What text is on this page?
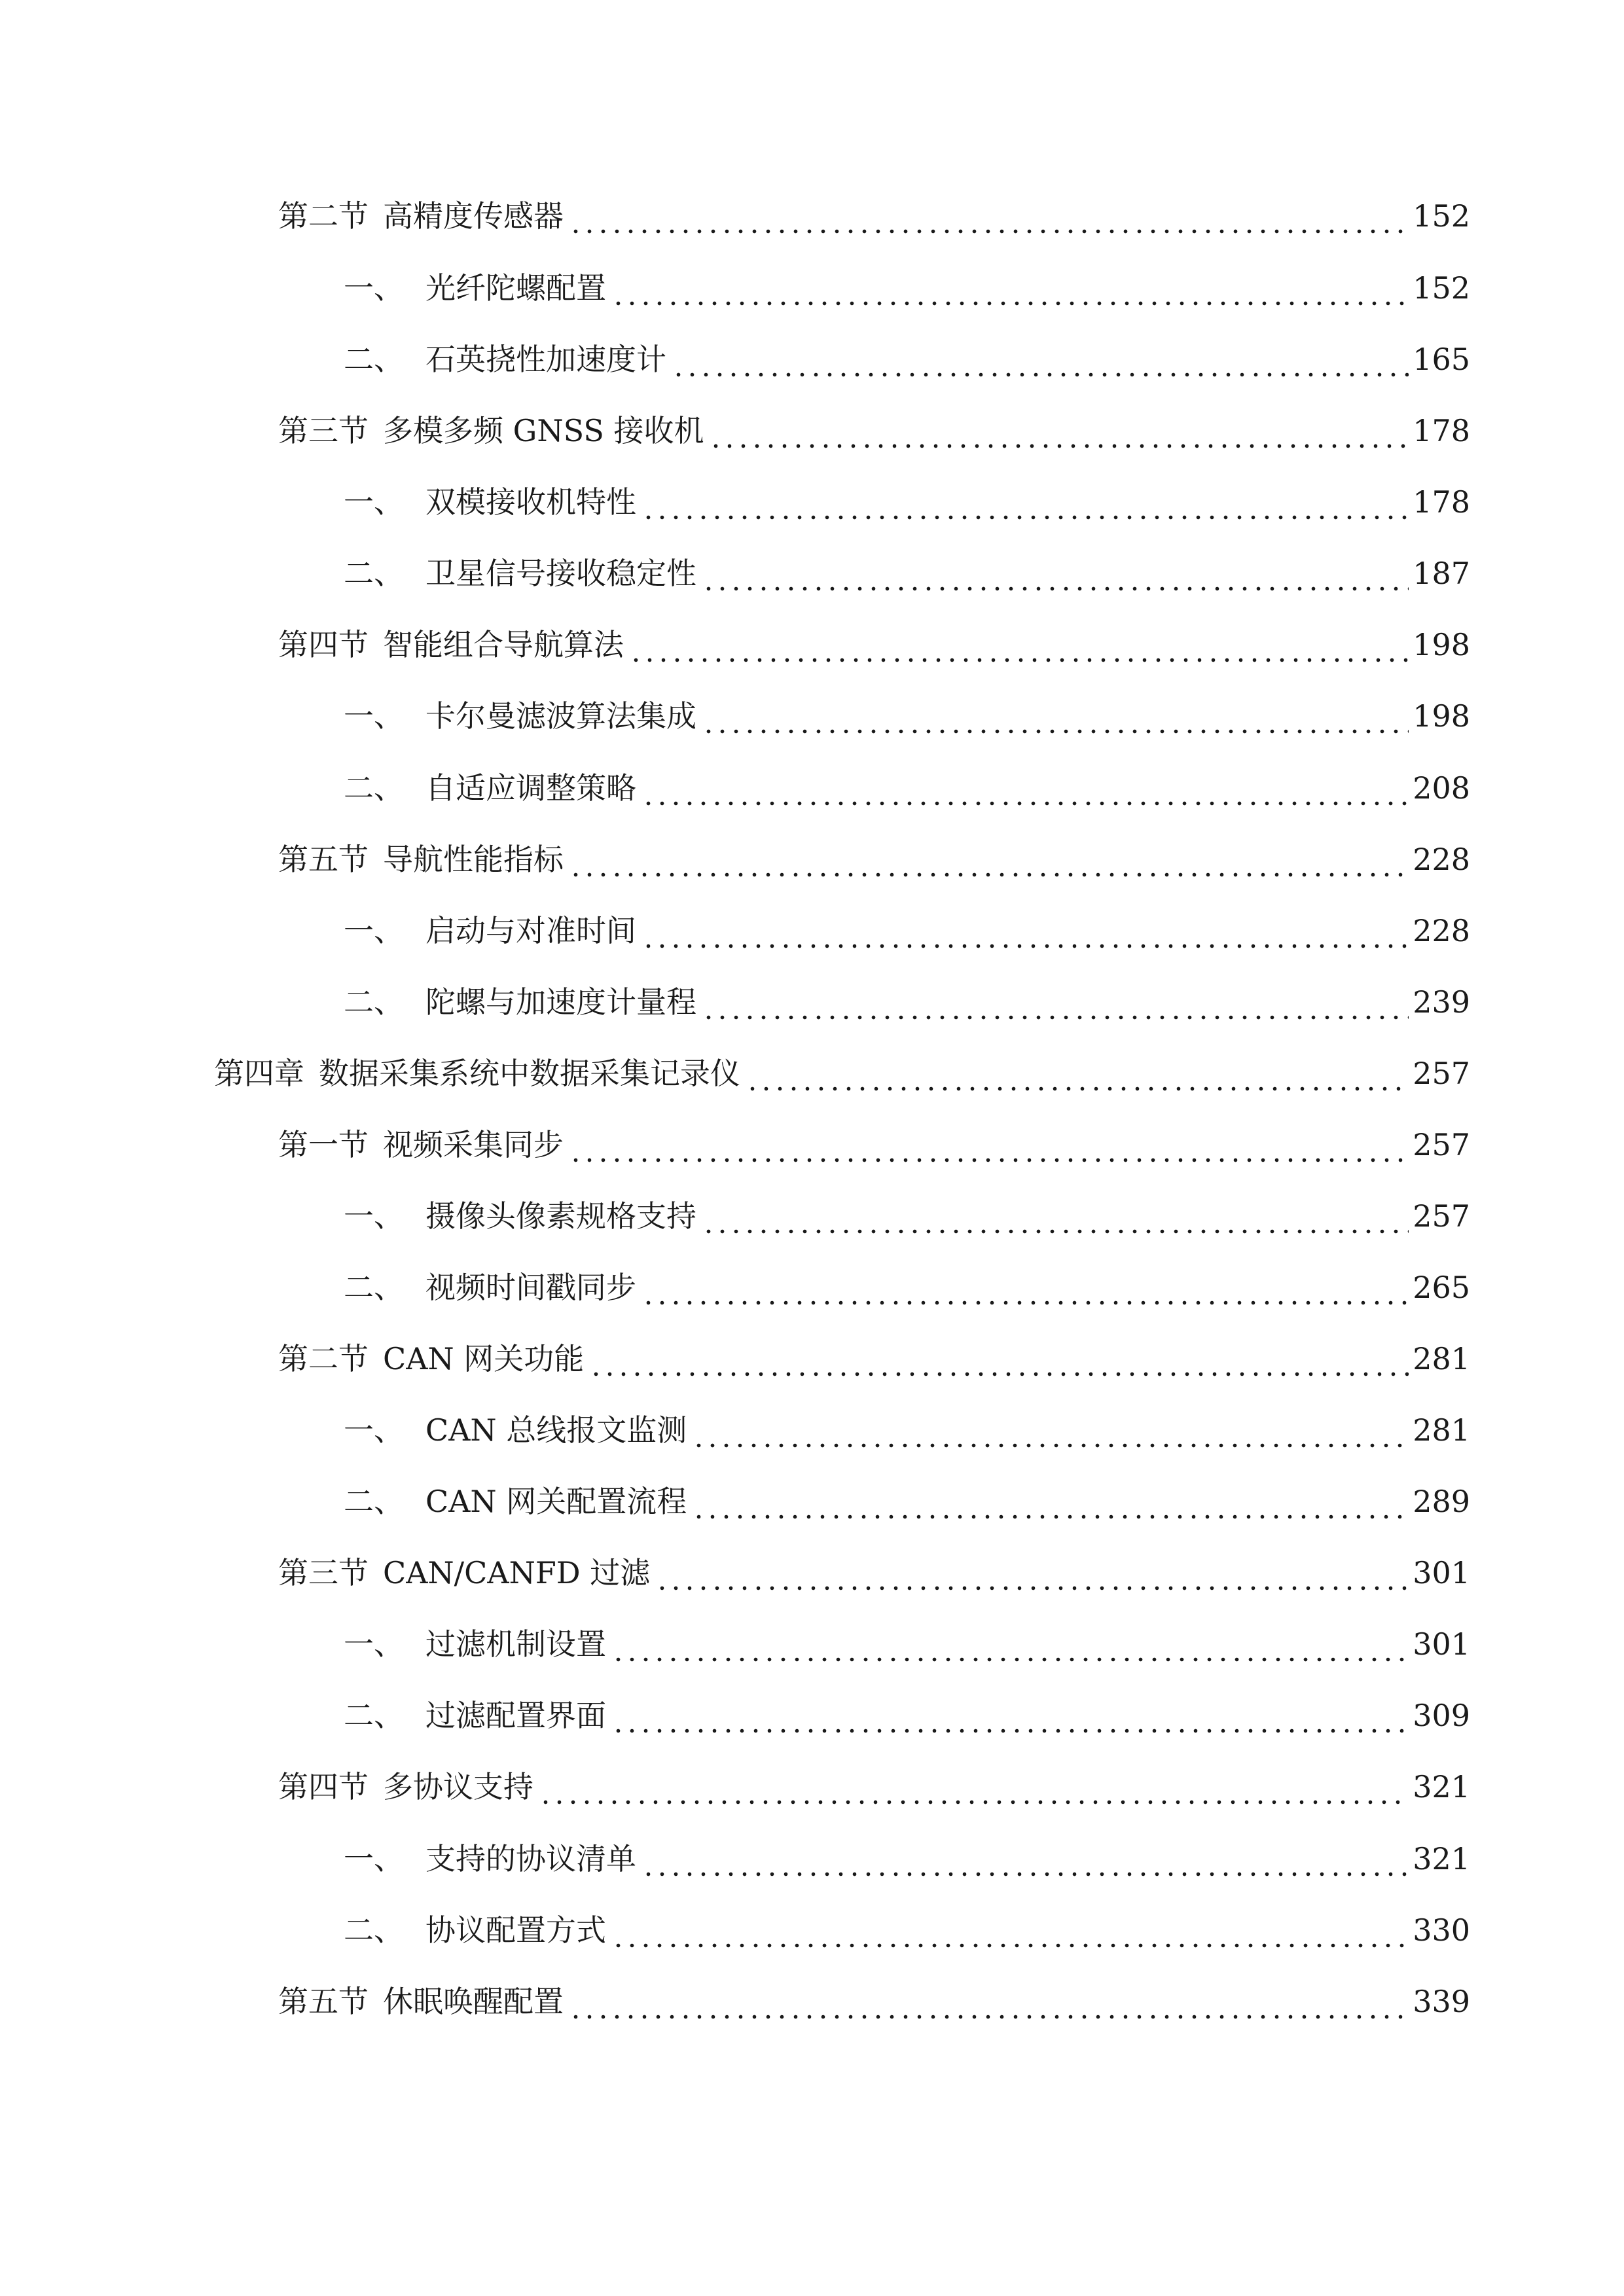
第二节 高精度传感器	152
一、 光纤陀螺配置	152
二、 石英挠性加速度计	165
第三节 多模多频 GNSS 接收机	178
一、 双模接收机特性	178
二、 卫星信号接收稳定性	187
第四节 智能组合导航算法	198
一、 卡尔曼滤波算法集成	198
二、 自适应调整策略	208
第五节 导航性能指标	228
一、 启动与对准时间	228
二、 陀螺与加速度计量程	239
第四章 数据采集系统中数据采集记录仪	257
第一节 视频采集同步	257
一、 摄像头像素规格支持	257
二、 视频时间戳同步	265
第二节 CAN 网关功能	281
一、 CAN 总线报文监测	281
二、 CAN 网关配置流程	289
第三节 CAN/CANFD 过滤	301
一、 过滤机制设置	301
二、 过滤配置界面	309
第四节 多协议支持	321
一、 支持的协议清单	321
二、 协议配置方式	330
第五节 休眠唤醒配置	339
